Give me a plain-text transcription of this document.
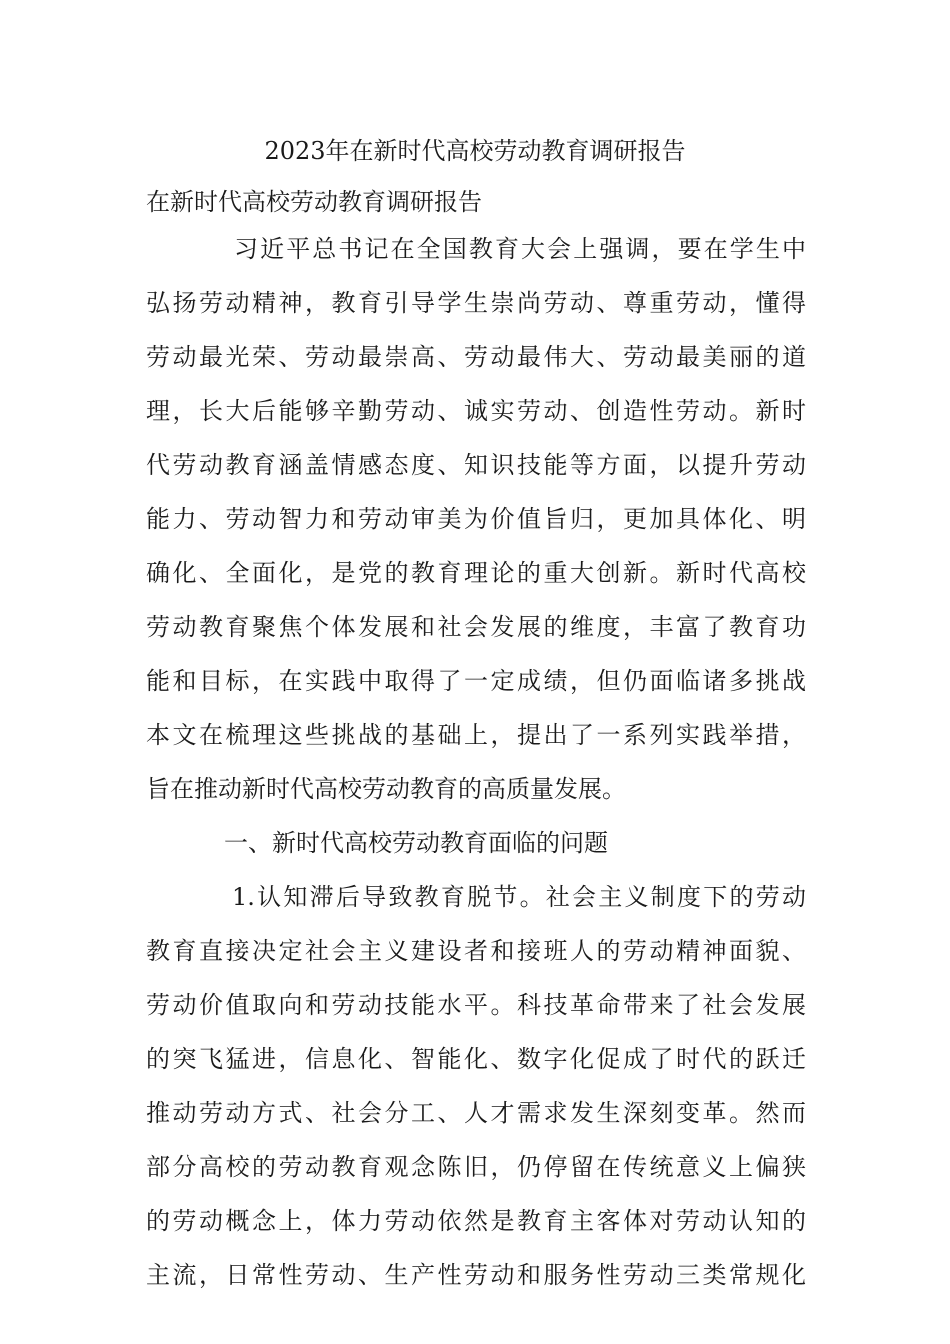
2023年在新时代高校劳动教育调研报告
在新时代高校劳动教育调研报告
习近平总书记在全国教育大会上强调，要在学生中
弘扬劳动精神，教育引导学生崇尚劳动、尊重劳动，懂得
劳动最光荣、劳动最崇高、劳动最伟大、劳动最美丽的道
理，长大后能够辛勤劳动、诚实劳动、创造性劳动。新时
代劳动教育涵盖情感态度、知识技能等方面，以提升劳动
能力、劳动智力和劳动审美为价值旨归，更加具体化、明
确化、全面化，是党的教育理论的重大创新。新时代高校
劳动教育聚焦个体发展和社会发展的维度，丰富了教育功
能和目标，在实践中取得了一定成绩，但仍面临诸多挑战
本文在梳理这些挑战的基础上，提出了一系列实践举措，
旨在推动新时代高校劳动教育的高质量发展。
一、新时代高校劳动教育面临的问题
1.认知滞后导致教育脱节。社会主义制度下的劳动
教育直接决定社会主义建设者和接班人的劳动精神面貌、
劳动价值取向和劳动技能水平。科技革命带来了社会发展
的突飞猛进，信息化、智能化、数字化促成了时代的跃迁
推动劳动方式、社会分工、人才需求发生深刻变革。然而
部分高校的劳动教育观念陈旧，仍停留在传统意义上偏狭
的劳动概念上，体力劳动依然是教育主客体对劳动认知的
主流，日常性劳动、生产性劳动和服务性劳动三类常规化
